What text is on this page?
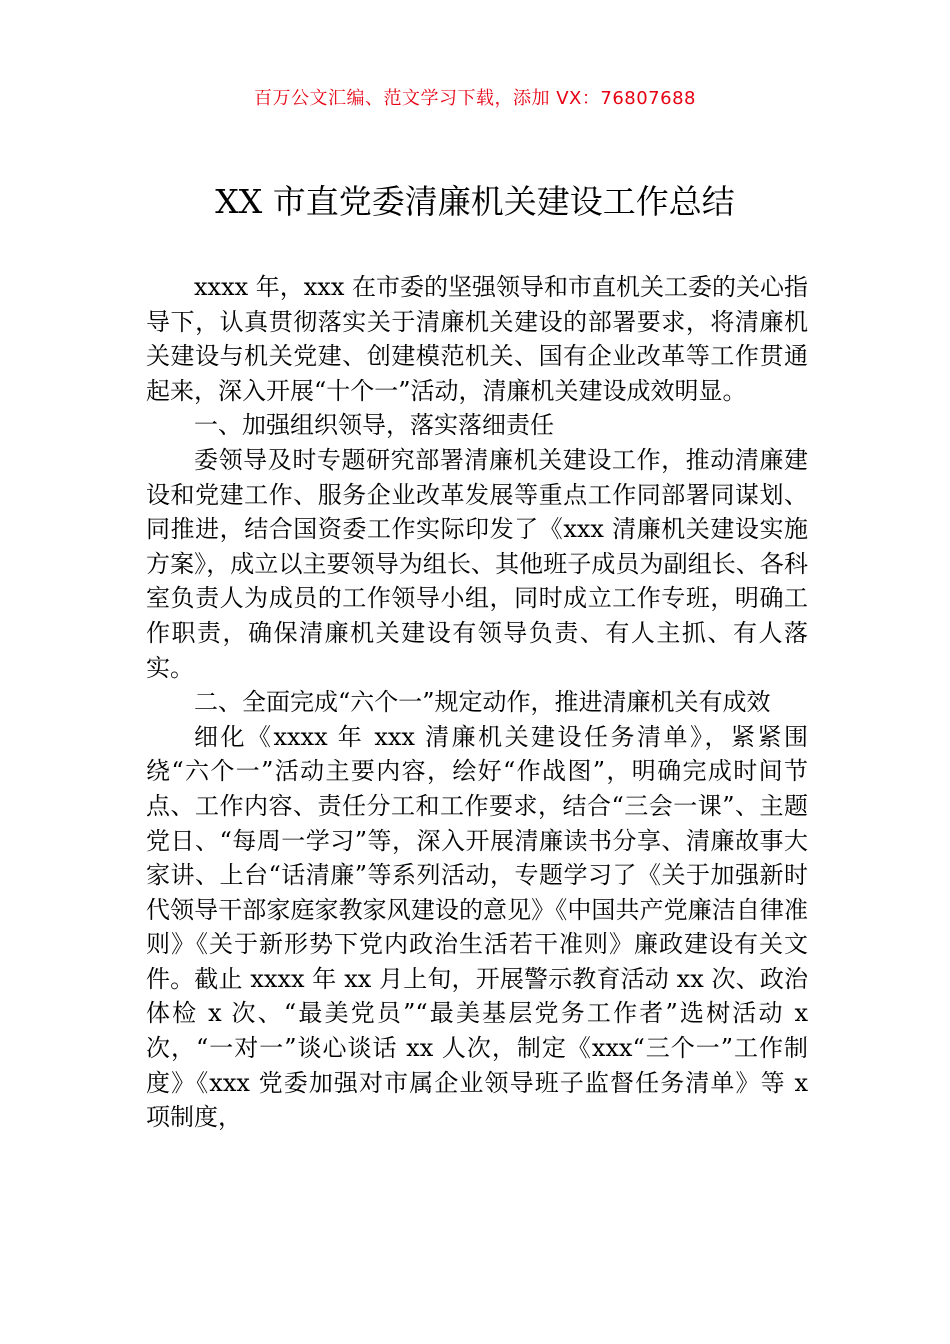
百万公文汇编、范文学习下载，添加 VX：76807688
XX 市直党委清廉机关建设工作总结

xxxx 年，xxx 在市委的坚强领导和市直机关工委的关心指导下，认真贯彻落实关于清廉机关建设的部署要求，将清廉机关建设与机关党建、创建模范机关、国有企业改革等工作贯通起来，深入开展“十个一”活动，清廉机关建设成效明显。

一、加强组织领导，落实落细责任

委领导及时专题研究部署清廉机关建设工作，推动清廉建设和党建工作、服务企业改革发展等重点工作同部署同谋划、同推进，结合国资委工作实际印发了《xxx 清廉机关建设实施方案》，成立以主要领导为组长、其他班子成员为副组长、各科室负责人为成员的工作领导小组，同时成立工作专班，明确工作职责，确保清廉机关建设有领导负责、有人主抓、有人落实。

二、全面完成“六个一”规定动作，推进清廉机关有成效

细化《xxxx 年 xxx 清廉机关建设任务清单》，紧紧围绕“六个一”活动主要内容，绘好“作战图”，明确完成时间节点、工作内容、责任分工和工作要求，结合“三会一课”、主题党日、“每周一学习”等，深入开展清廉读书分享、清廉故事大家讲、上台“话清廉”等系列活动，专题学习了《关于加强新时代领导干部家庭家教家风建设的意见》《中国共产党廉洁自律准则》《关于新形势下党内政治生活若干准则》廉政建设有关文件。截止 xxxx 年 xx 月上旬，开展警示教育活动 xx 次、政治体检 x 次、“最美党员”“最美基层党务工作者”选树活动 x 次，“一对一”谈心谈话 xx 人次，制定《xxx“三个一”工作制度》《xxx 党委加强对市属企业领导班子监督任务清单》等 x 项制度，
